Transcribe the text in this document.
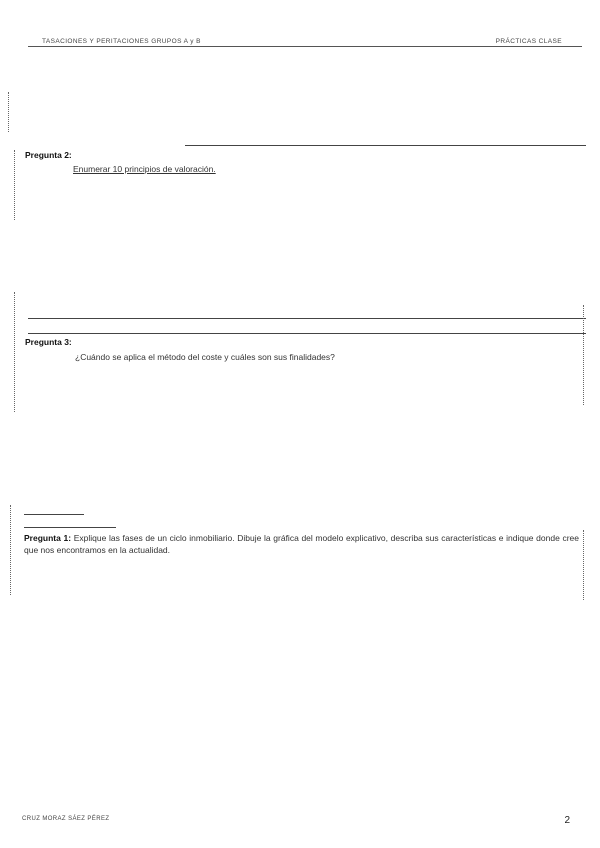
TASACIONES Y PERITACIONES GRUPOS A y B	PRÁCTICAS CLASE
Pregunta 2:
Enumerar 10 principios de valoración.
Pregunta 3:
¿Cuándo se aplica el método del coste y cuáles son sus finalidades?
Pregunta 1: Explique las fases de un ciclo inmobiliario. Dibuje la gráfica del modelo explicativo, describa sus características e indique donde cree que nos encontramos en la actualidad.
CRUZ MORAZ SÁEZ PÉREZ	2
